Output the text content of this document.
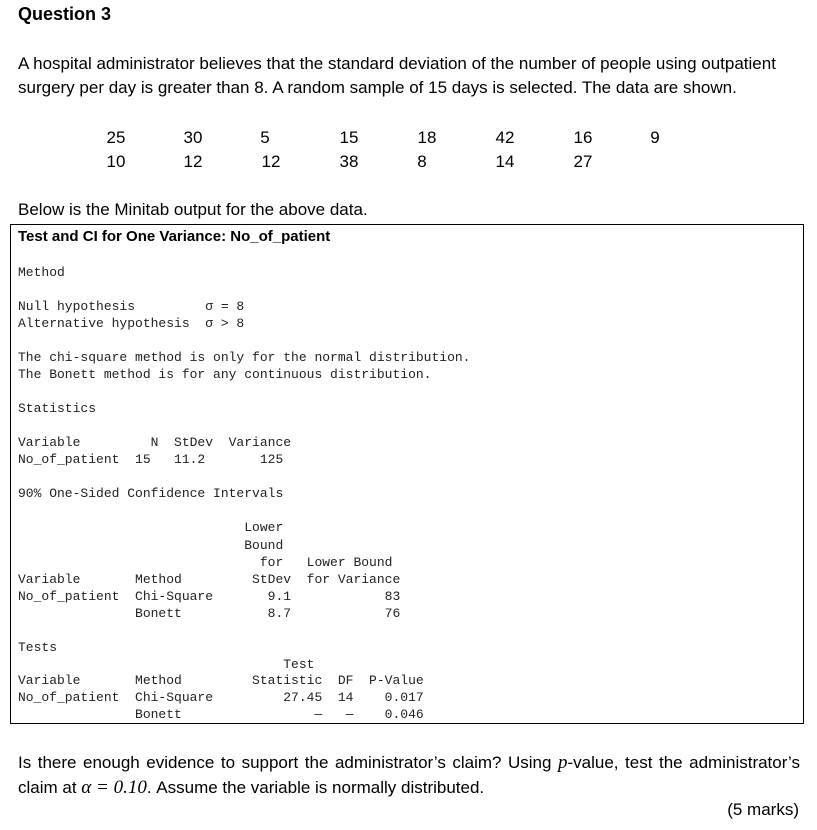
Question 3
A hospital administrator believes that the standard deviation of the number of people using outpatient surgery per day is greater than 8. A random sample of 15 days is selected. The data are shown.
25	30	5	15	18	42	16	9
10	12	12	38	8	14	27
Below is the Minitab output for the above data.
Test and CI for One Variance: No_of_patient
Method
Null hypothesis         σ = 8
Alternative hypothesis  σ > 8
The chi-square method is only for the normal distribution.
The Bonett method is for any continuous distribution.
Statistics
Variable         N  StDev  Variance
No_of_patient  15   11.2       125
90% One-Sided Confidence Intervals
Lower
Bound
for   Lower Bound
Variable       Method         StDev  for Variance
No_of_patient  Chi-Square       9.1            83
Bonett           8.7            76
Tests
Test
Variable       Method         Statistic  DF  P-Value
No_of_patient  Chi-Square         27.45  14    0.017
Bonett                 —   —    0.046
Is there enough evidence to support the administrator’s claim? Using p-value, test the administrator’s claim at α = 0.10. Assume the variable is normally distributed.
(5 marks)
